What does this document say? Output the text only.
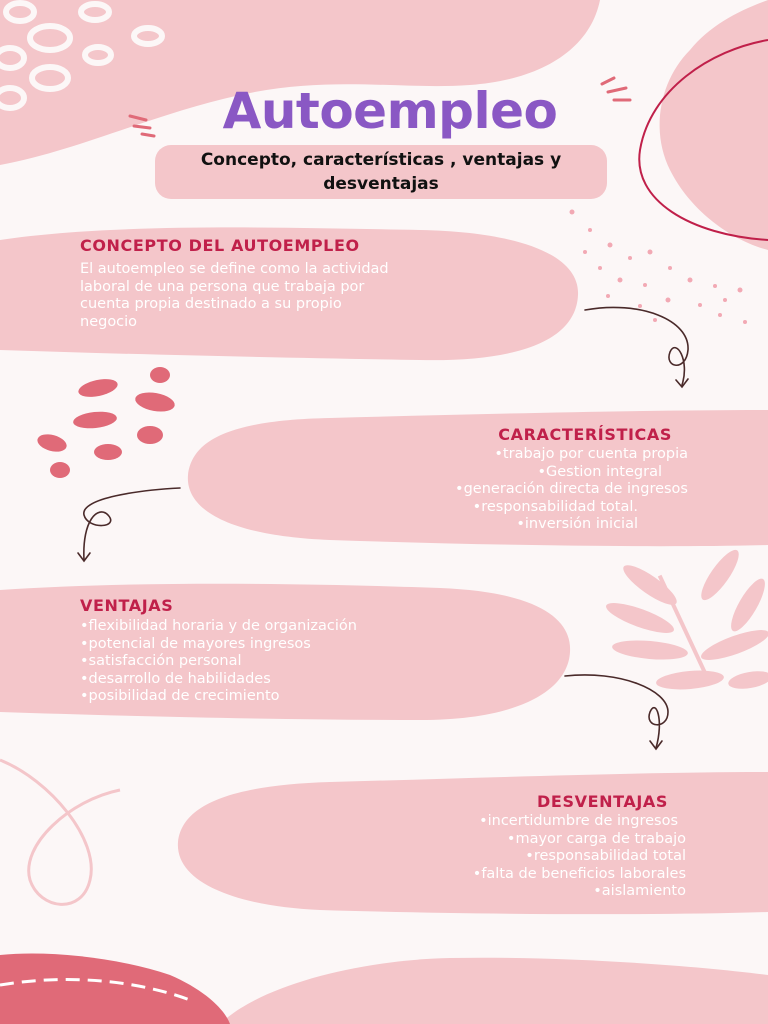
Autoempleo
Concepto, características , ventajas y desventajas
CONCEPTO DEL AUTOEMPLEO

El autoempleo se define como la actividad
laboral de una persona que trabaja por
cuenta propia destinado a su propio
negocio

CARACTERÍSTICAS
•trabajo por cuenta propia
•Gestion integral
•generación directa de ingresos
•responsabilidad total.
•inversión inicial
VENTAJAS
•flexibilidad horaria y de organización
•potencial de mayores ingresos
•satisfacción personal
•desarrollo de habilidades
•posibilidad de crecimiento
DESVENTAJAS
•incertidumbre de ingresos
•mayor carga de trabajo
•responsabilidad total
•falta de beneficios laborales
•aislamiento
